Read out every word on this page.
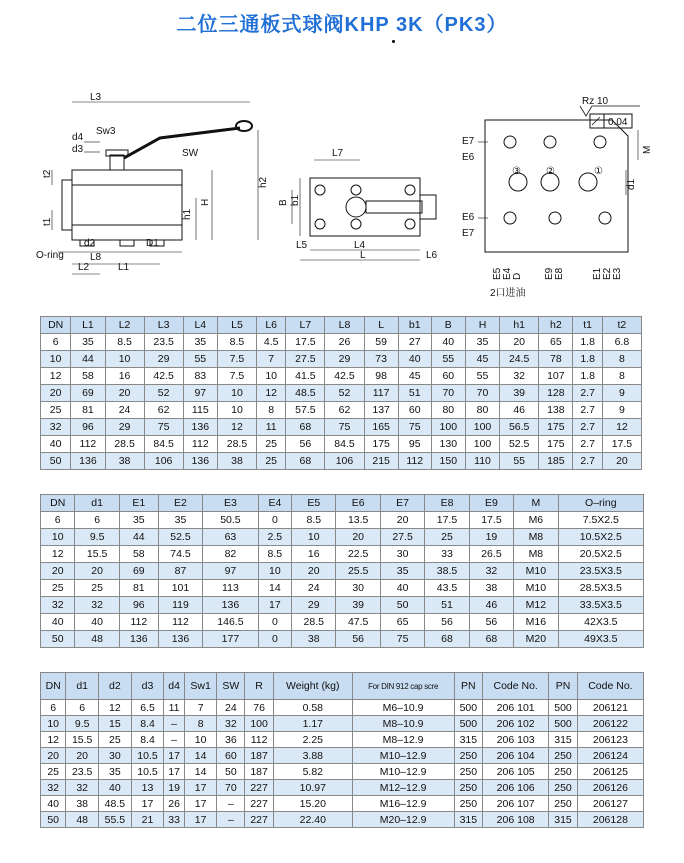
二位三通板式球阀KHP 3K（PK3）
L3
d4
Sw3
d3	SW
t2
t1
h2
h1
H
O-ring
d2	D1
L8
L2	L1
L7
B b1
L5	L4
L	L6
Rz 10
0.04
E7
E6
M
d1
③	②	①
E6
E7
E5 E4 D E9 E8	E1 E2 E3
2口进油
DN	L1	L2	L3	L4	L5	L6	L7	L8	L	b1	B	H	h1	h2	t1	t2
6	35	8.5	23.5	35	8.5	4.5	17.5	26	59	27	40	35	20	65	1.8	6.8
10	44	10	29	55	7.5	7	27.5	29	73	40	55	45	24.5	78	1.8	8
12	58	16	42.5	83	7.5	10	41.5	42.5	98	45	60	55	32	107	1.8	8
20	69	20	52	97	10	12	48.5	52	117	51	70	70	39	128	2.7	9
25	81	24	62	115	10	8	57.5	62	137	60	80	80	46	138	2.7	9
32	96	29	75	136	12	11	68	75	165	75	100	100	56.5	175	2.7	12
40	112	28.5	84.5	112	28.5	25	56	84.5	175	95	130	100	52.5	175	2.7	17.5
50	136	38	106	136	38	25	68	106	215	112	150	110	55	185	2.7	20
DN	d1	E1	E2	E3	E4	E5	E6	E7	E8	E9	M	O–ring
6	6	35	35	50.5	0	8.5	13.5	20	17.5	17.5	M6	7.5X2.5
10	9.5	44	52.5	63	2.5	10	20	27.5	25	19	M8	10.5X2.5
12	15.5	58	74.5	82	8.5	16	22.5	30	33	26.5	M8	20.5X2.5
20	20	69	87	97	10	20	25.5	35	38.5	32	M10	23.5X3.5
25	25	81	101	113	14	24	30	40	43.5	38	M10	28.5X3.5
32	32	96	119	136	17	29	39	50	51	46	M12	33.5X3.5
40	40	112	112	146.5	0	28.5	47.5	65	56	56	M16	42X3.5
50	48	136	136	177	0	38	56	75	68	68	M20	49X3.5
DN	d1	d2	d3	d4	Sw1	SW	R	Weight (kg)	For DIN 912 cap scre	PN	Code No.	PN	Code No.
6	6	12	6.5	11	7	24	76	0.58	M6–10.9	500	206 101	500	206121
10	9.5	15	8.4	–	8	32	100	1.17	M8–10.9	500	206 102	500	206122
12	15.5	25	8.4	–	10	36	112	2.25	M8–12.9	315	206 103	315	206123
20	20	30	10.5	17	14	60	187	3.88	M10–12.9	250	206 104	250	206124
25	23.5	35	10.5	17	14	50	187	5.82	M10–12.9	250	206 105	250	206125
32	32	40	13	19	17	70	227	10.97	M12–12.9	250	206 106	250	206126
40	38	48.5	17	26	17	–	227	15.20	M16–12.9	250	206 107	250	206127
50	48	55.5	21	33	17	–	227	22.40	M20–12.9	315	206 108	315	206128
